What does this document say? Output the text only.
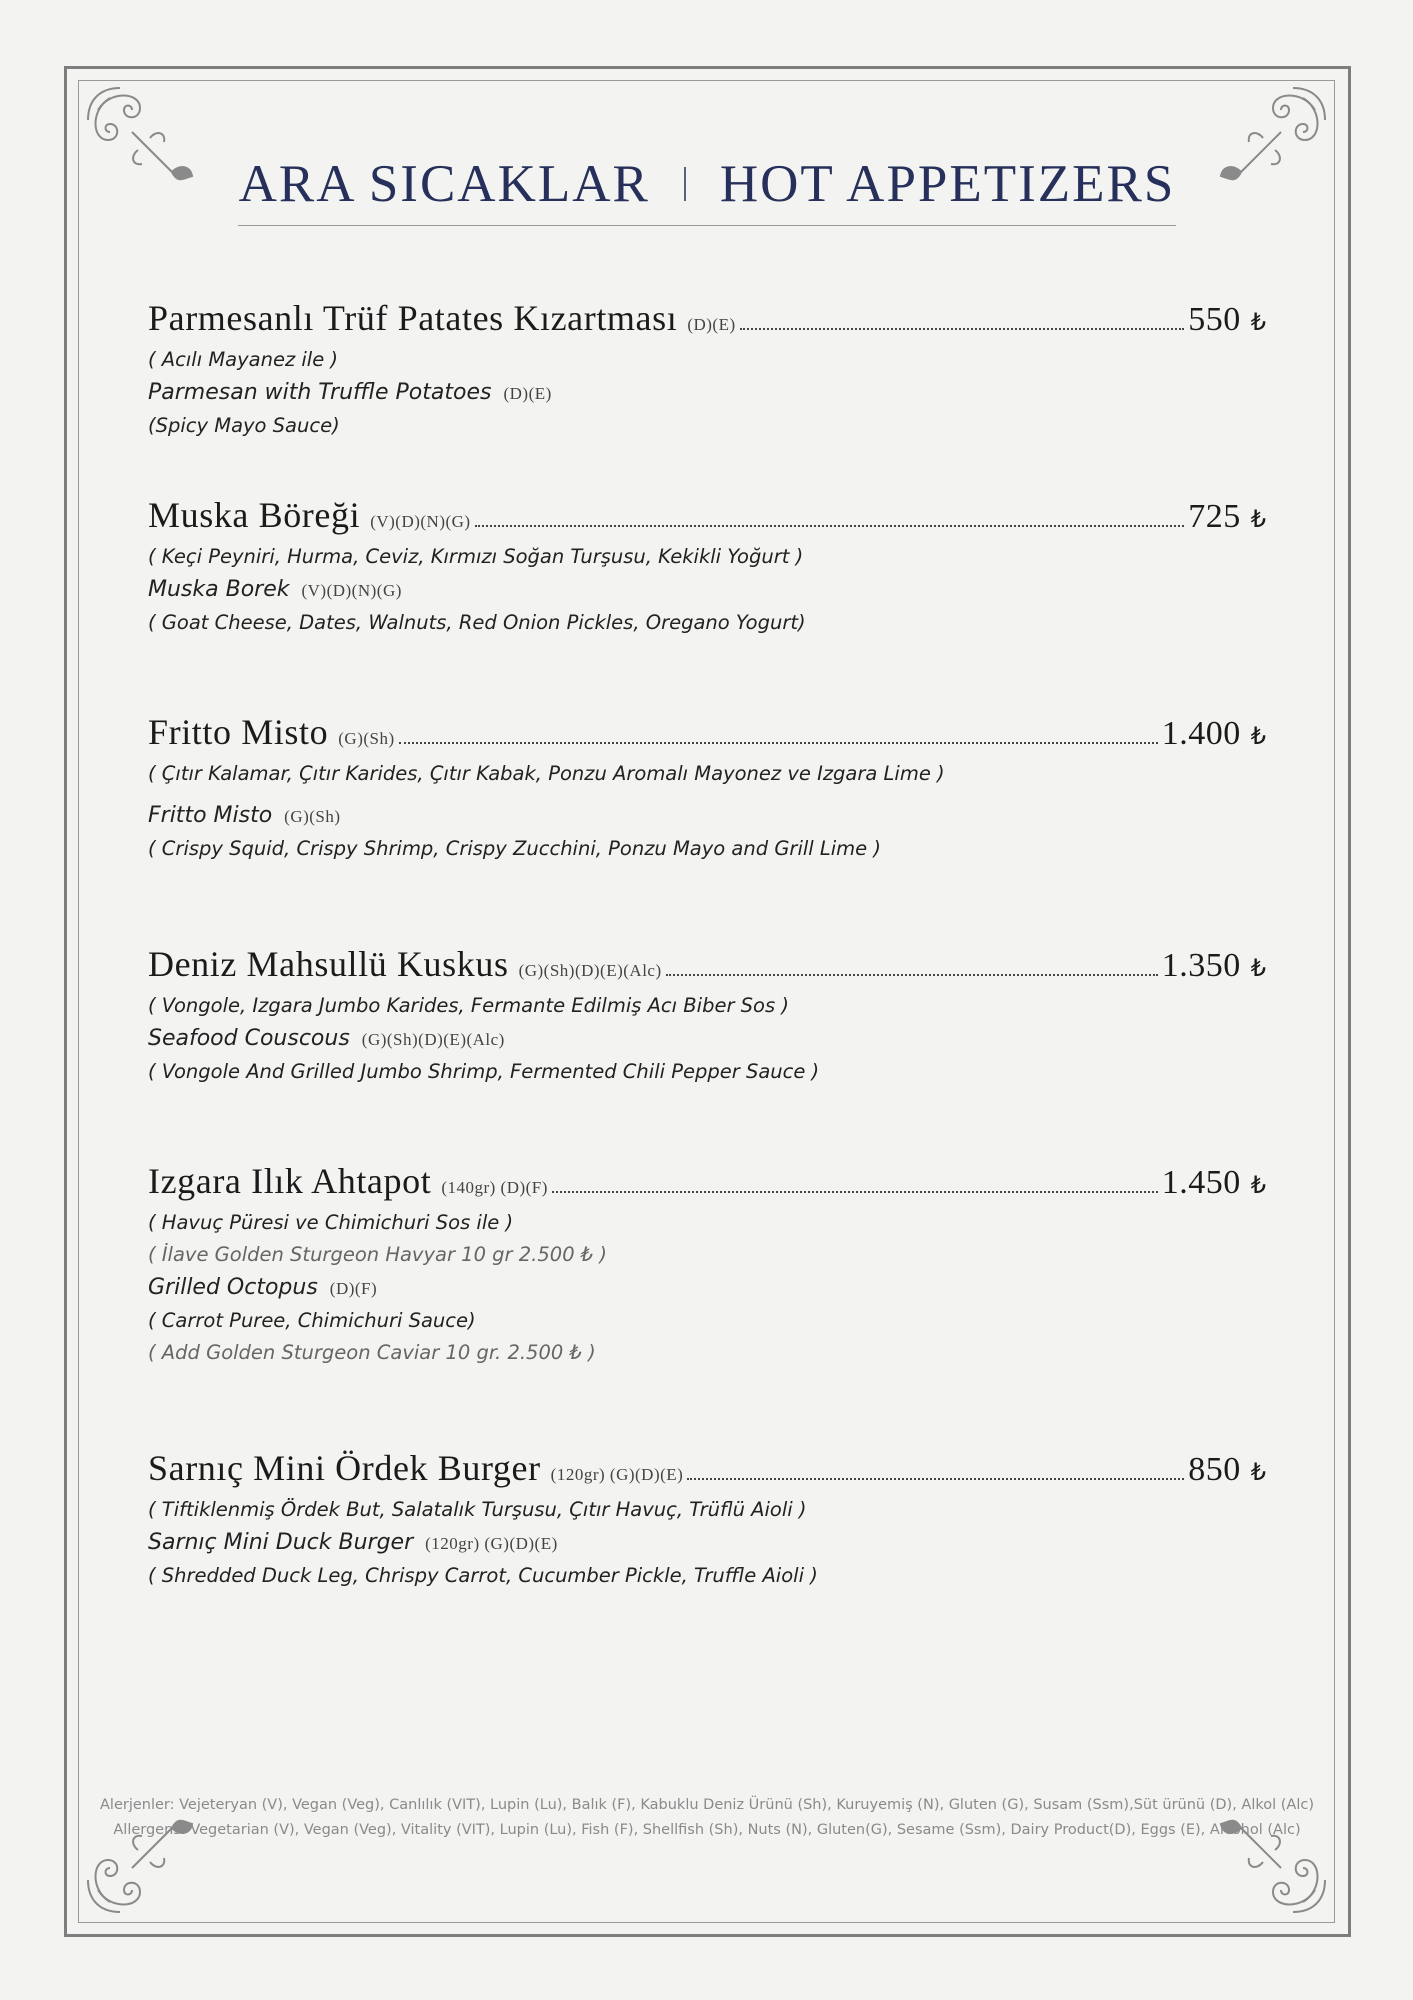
ARA SICAKLAR HOT APPETIZERS
Parmesanlı Trüf Patates Kızartması (D)(E)	550 ₺
( Acılı Mayanez ile )
Parmesan with Truffle Potatoes (D)(E)
(Spicy Mayo Sauce)
Muska Böreği (V)(D)(N)(G)	725 ₺
( Keçi Peyniri, Hurma, Ceviz, Kırmızı Soğan Turşusu, Kekikli Yoğurt )
Muska Borek (V)(D)(N)(G)
( Goat Cheese, Dates, Walnuts, Red Onion Pickles, Oregano Yogurt)
Fritto Misto (G)(Sh)	1.400 ₺
( Çıtır Kalamar, Çıtır Karides, Çıtır Kabak, Ponzu Aromalı Mayonez ve Izgara Lime )
Fritto Misto (G)(Sh)
( Crispy Squid, Crispy Shrimp, Crispy Zucchini, Ponzu Mayo and Grill Lime )
Deniz Mahsullü Kuskus (G)(Sh)(D)(E)(Alc)	1.350 ₺
( Vongole, Izgara Jumbo Karides, Fermante Edilmiş Acı Biber Sos )
Seafood Couscous (G)(Sh)(D)(E)(Alc)
( Vongole And Grilled Jumbo Shrimp, Fermented Chili Pepper Sauce )
Izgara Ilık Ahtapot (140gr) (D)(F)	1.450 ₺
( Havuç Püresi ve Chimichuri Sos ile )
( İlave Golden Sturgeon Havyar 10 gr 2.500 ₺ )
Grilled Octopus (D)(F)
( Carrot Puree, Chimichuri Sauce)
( Add Golden Sturgeon Caviar 10 gr. 2.500 ₺ )
Sarnıç Mini Ördek Burger (120gr) (G)(D)(E)	850 ₺
( Tiftiklenmiş Ördek But, Salatalık Turşusu, Çıtır Havuç, Trüflü Aioli )
Sarnıç Mini Duck Burger (120gr) (G)(D)(E)
( Shredded Duck Leg, Chrispy Carrot, Cucumber Pickle, Truffle Aioli )
Alerjenler: Vejeteryan (V), Vegan (Veg), Canlılık (VIT), Lupin (Lu), Balık (F), Kabuklu Deniz Ürünü (Sh), Kuruyemiş (N), Gluten (G), Susam (Ssm),Süt ürünü (D), Alkol (Alc)
Allergens: Vegetarian (V), Vegan (Veg), Vitality (VIT), Lupin (Lu), Fish (F), Shellfish (Sh), Nuts (N), Gluten(G), Sesame (Ssm), Dairy Product(D), Eggs (E), Alcohol (Alc)
